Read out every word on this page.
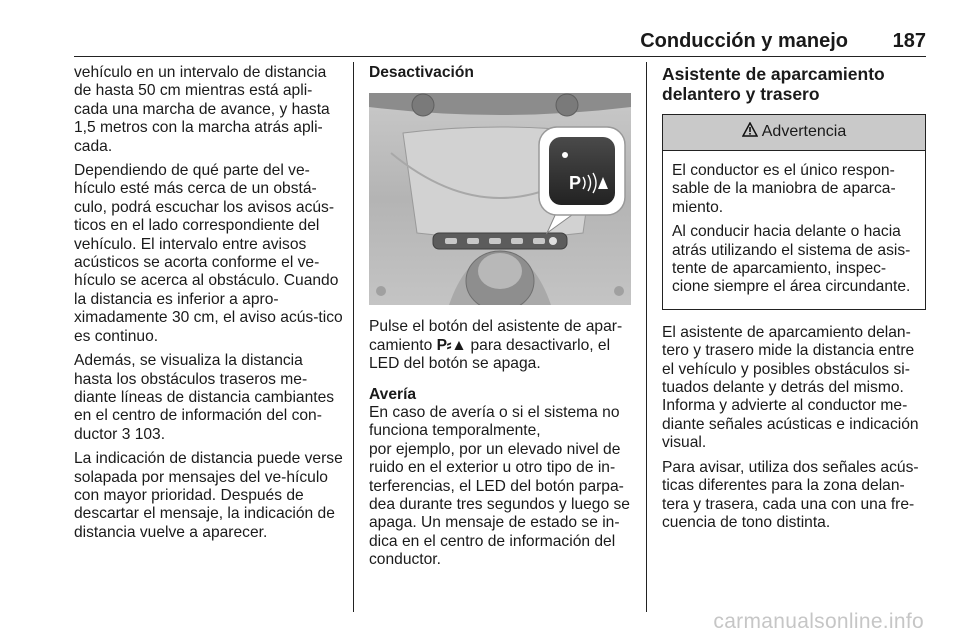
Conducción y manejo 187

vehículo en un intervalo de distancia de hasta 50 cm mientras está apli-cada una marcha de avance, y hasta 1,5 metros con la marcha atrás apli-cada.

Dependiendo de qué parte del ve-hículo esté más cerca de un obstá-culo, podrá escuchar los avisos acús-ticos en el lado correspondiente del vehículo. El intervalo entre avisos acústicos se acorta conforme el ve-hículo se acerca al obstáculo. Cuando la distancia es inferior a apro-ximadamente 30 cm, el aviso acús-tico es continuo.

Además, se visualiza la distancia hasta los obstáculos traseros me-diante líneas de distancia cambiantes en el centro de información del con-ductor 3 103.

La indicación de distancia puede verse solapada por mensajes del ve-hículo con mayor prioridad. Después de descartar el mensaje, la indicación de distancia vuelve a aparecer.

Desactivación
P

Pulse el botón del asistente de apar-camiento P⸗▲ para desactivarlo, el LED del botón se apaga.

Avería

En caso de avería o si el sistema no funciona temporalmente,

por ejemplo, por un elevado nivel de ruido en el exterior u otro tipo de in-terferencias, el LED del botón parpa-dea durante tres segundos y luego se apaga. Un mensaje de estado se in-dica en el centro de información del conductor.

Asistente de aparcamiento delantero y trasero
Advertencia

El conductor es el único respon-sable de la maniobra de aparca-miento.

Al conducir hacia delante o hacia atrás utilizando el sistema de asis-tente de aparcamiento, inspec-cione siempre el área circundante.

El asistente de aparcamiento delan-tero y trasero mide la distancia entre el vehículo y posibles obstáculos si-tuados delante y detrás del mismo. Informa y advierte al conductor me-diante señales acústicas e indicación visual.

Para avisar, utiliza dos señales acús-ticas diferentes para la zona delan-tera y trasera, cada una con una fre-cuencia de tono distinta.

carmanualsonline.info
